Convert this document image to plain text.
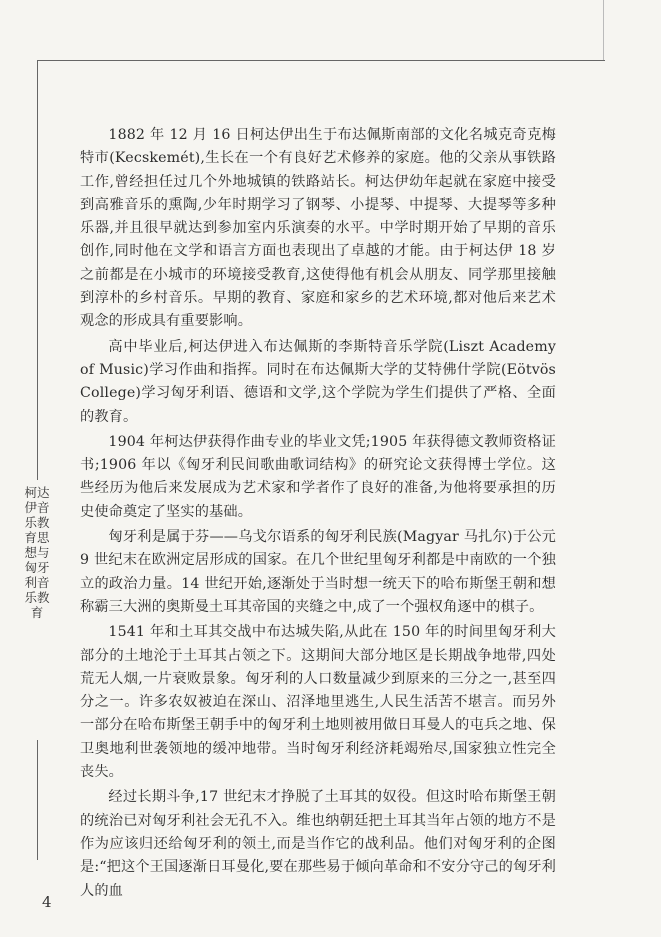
柯达伊音乐教育思想与匈牙利音乐教育

1882 年 12 月 16 日柯达伊出生于布达佩斯南部的文化名城克奇克梅特市(Kecskemét),生长在一个有良好艺术修养的家庭。他的父亲从事铁路工作,曾经担任过几个外地城镇的铁路站长。柯达伊幼年起就在家庭中接受到高雅音乐的熏陶,少年时期学习了钢琴、小提琴、中提琴、大提琴等多种乐器,并且很早就达到参加室内乐演奏的水平。中学时期开始了早期的音乐创作,同时他在文学和语言方面也表现出了卓越的才能。由于柯达伊 18 岁之前都是在小城市的环境接受教育,这使得他有机会从朋友、同学那里接触到淳朴的乡村音乐。早期的教育、家庭和家乡的艺术环境,都对他后来艺术观念的形成具有重要影响。

高中毕业后,柯达伊进入布达佩斯的李斯特音乐学院(Liszt Academy of Music)学习作曲和指挥。同时在布达佩斯大学的艾特佛什学院(Eötvös College)学习匈牙利语、德语和文学,这个学院为学生们提供了严格、全面的教育。

1904 年柯达伊获得作曲专业的毕业文凭;1905 年获得德文教师资格证书;1906 年以《匈牙利民间歌曲歌词结构》的研究论文获得博士学位。这些经历为他后来发展成为艺术家和学者作了良好的准备,为他将要承担的历史使命奠定了坚实的基础。

匈牙利是属于芬——乌戈尔语系的匈牙利民族(Magyar 马扎尔)于公元 9 世纪末在欧洲定居形成的国家。在几个世纪里匈牙利都是中南欧的一个独立的政治力量。14 世纪开始,逐渐处于当时想一统天下的哈布斯堡王朝和想称霸三大洲的奥斯曼土耳其帝国的夹缝之中,成了一个强权角逐中的棋子。

1541 年和土耳其交战中布达城失陷,从此在 150 年的时间里匈牙利大部分的土地沦于土耳其占领之下。这期间大部分地区是长期战争地带,四处荒无人烟,一片衰败景象。匈牙利的人口数量减少到原来的三分之一,甚至四分之一。许多农奴被迫在深山、沼泽地里逃生,人民生活苦不堪言。而另外一部分在哈布斯堡王朝手中的匈牙利土地则被用做日耳曼人的屯兵之地、保卫奥地利世袭领地的缓冲地带。当时匈牙利经济耗竭殆尽,国家独立性完全丧失。

经过长期斗争,17 世纪末才挣脱了土耳其的奴役。但这时哈布斯堡王朝的统治已对匈牙利社会无孔不入。维也纳朝廷把土耳其当年占领的地方不是作为应该归还给匈牙利的领土,而是当作它的战利品。他们对匈牙利的企图是:“把这个王国逐渐日耳曼化,要在那些易于倾向革命和不安分守己的匈牙利人的血

4
